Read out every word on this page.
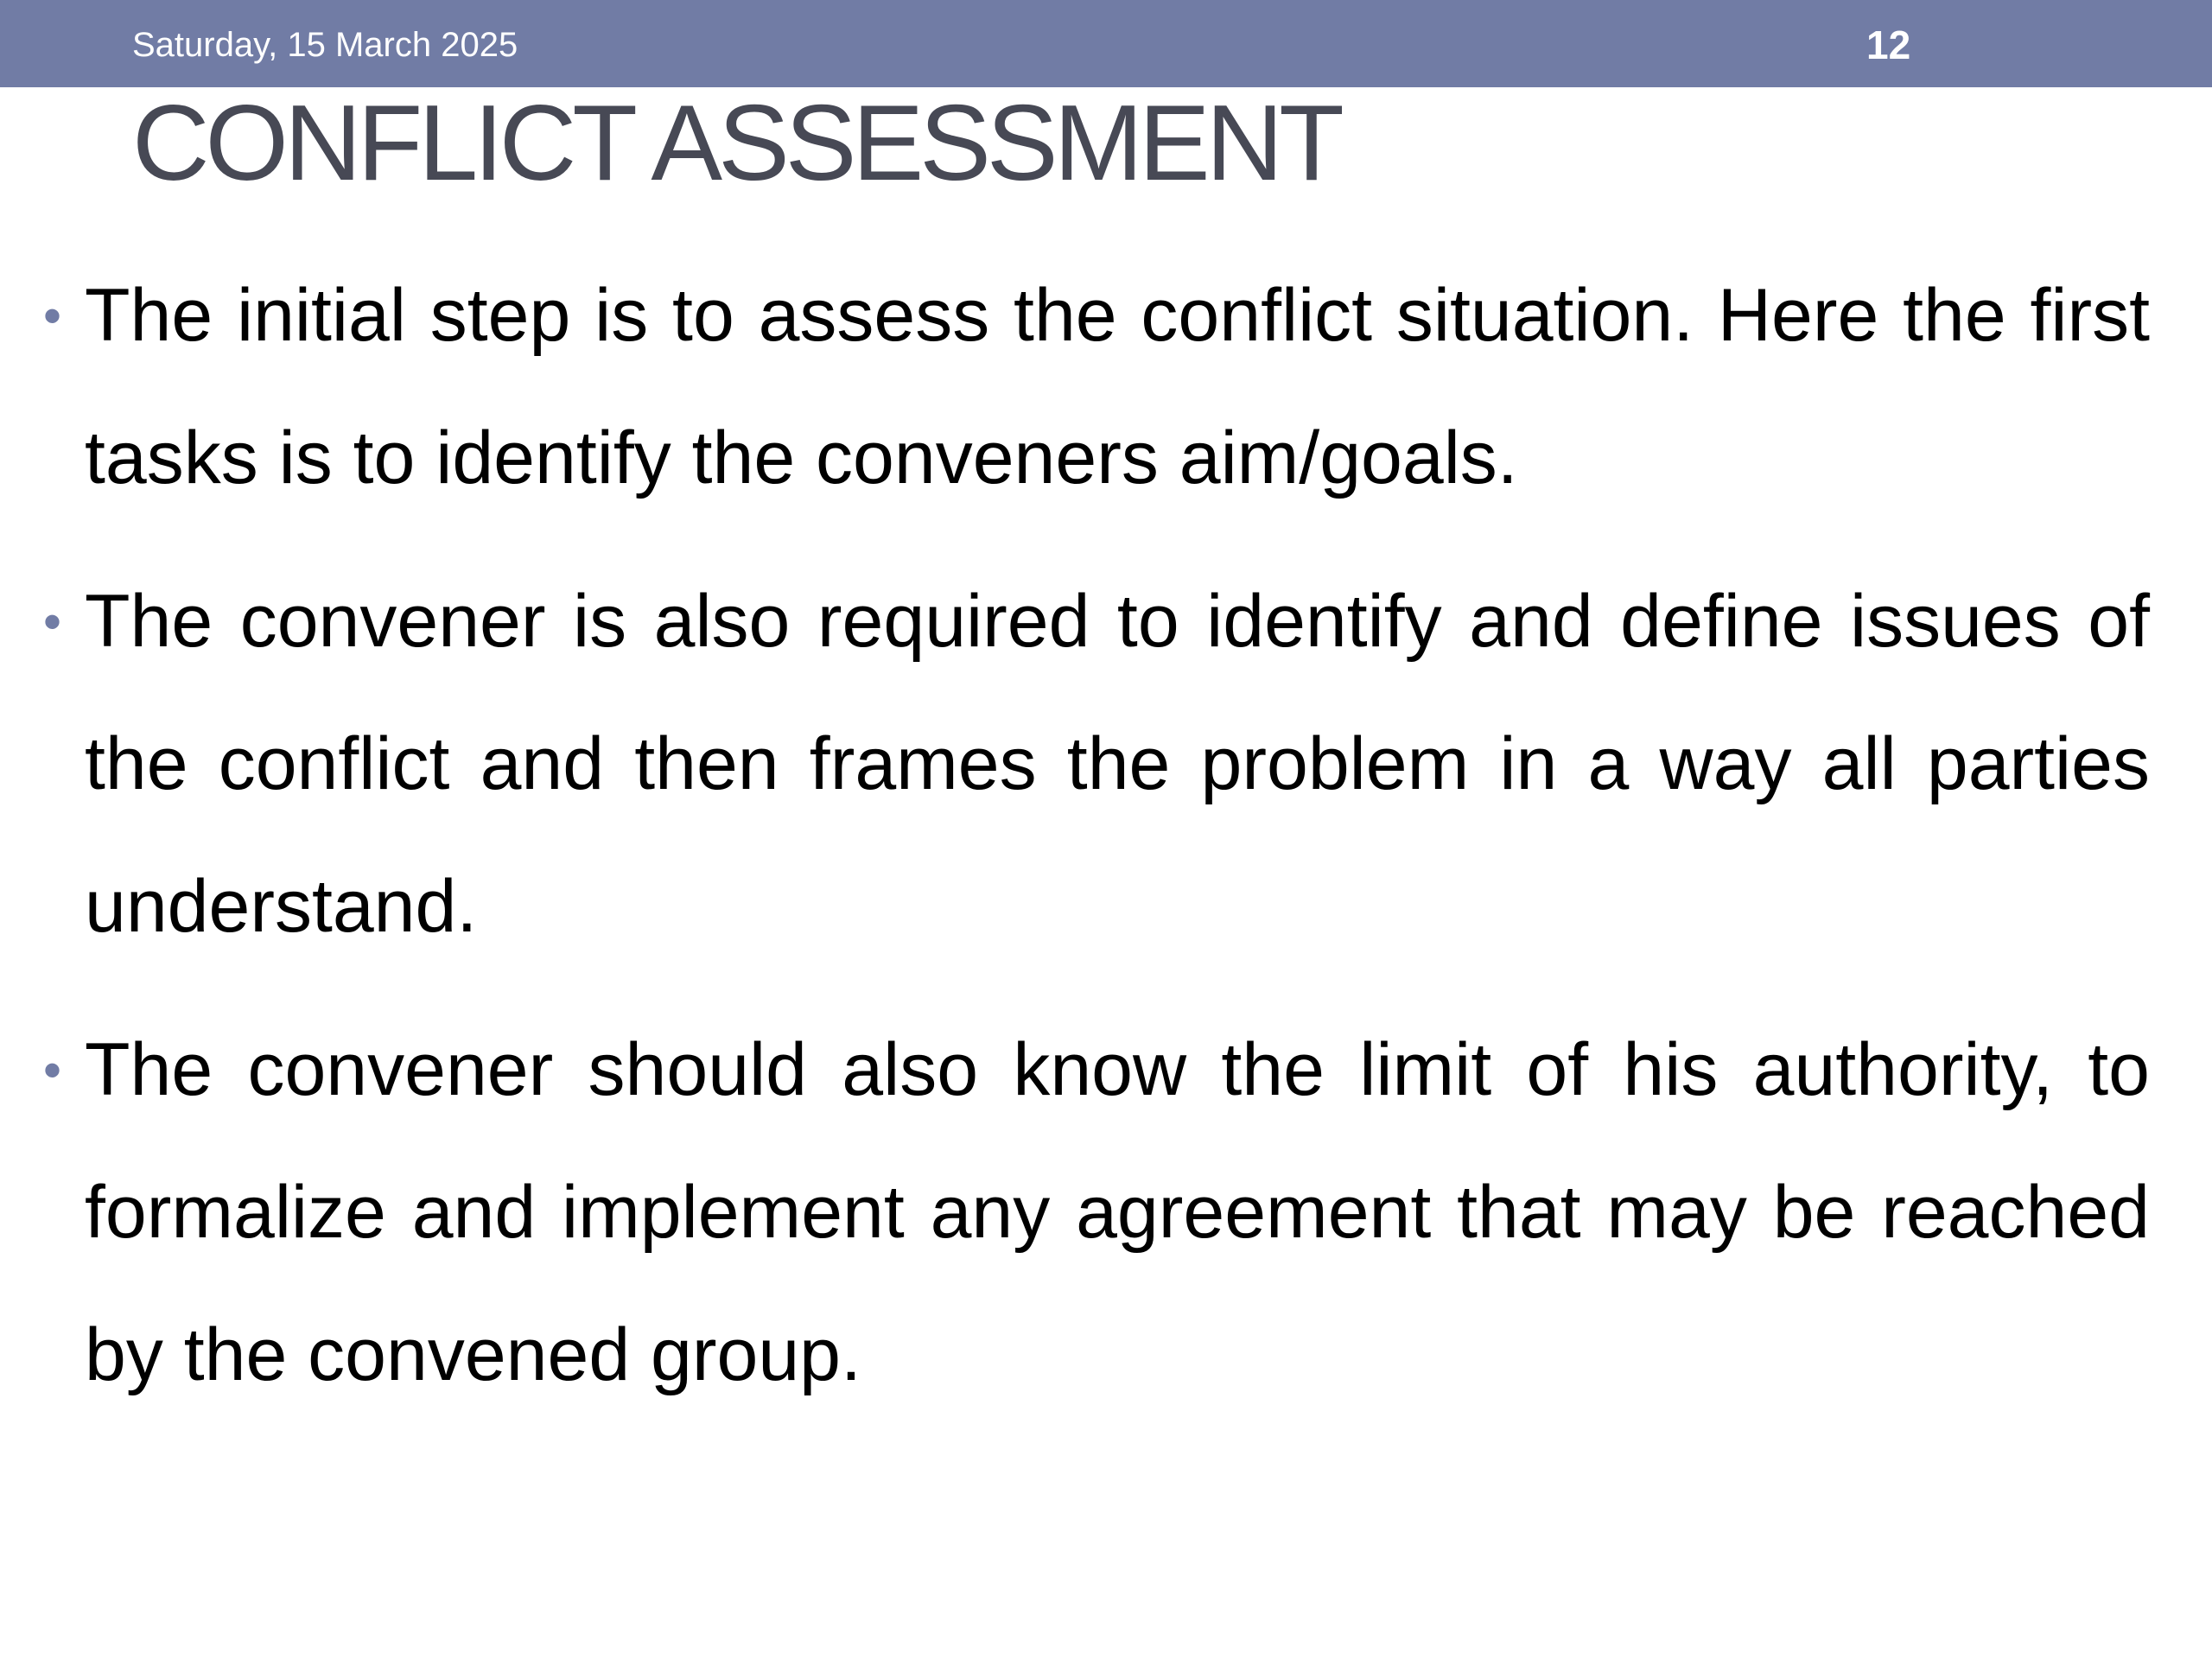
Saturday, 15 March 2025	12
CONFLICT ASSESSMENT
• The initial step is to assess the conflict situation. Here the first tasks is to identify the conveners aim/goals.
• The convener is also required to identify and define issues of the conflict and then frames the problem in a way all parties understand.
• The convener should also know the limit of his authority, to formalize and implement any agreement that may be reached by the convened group.
